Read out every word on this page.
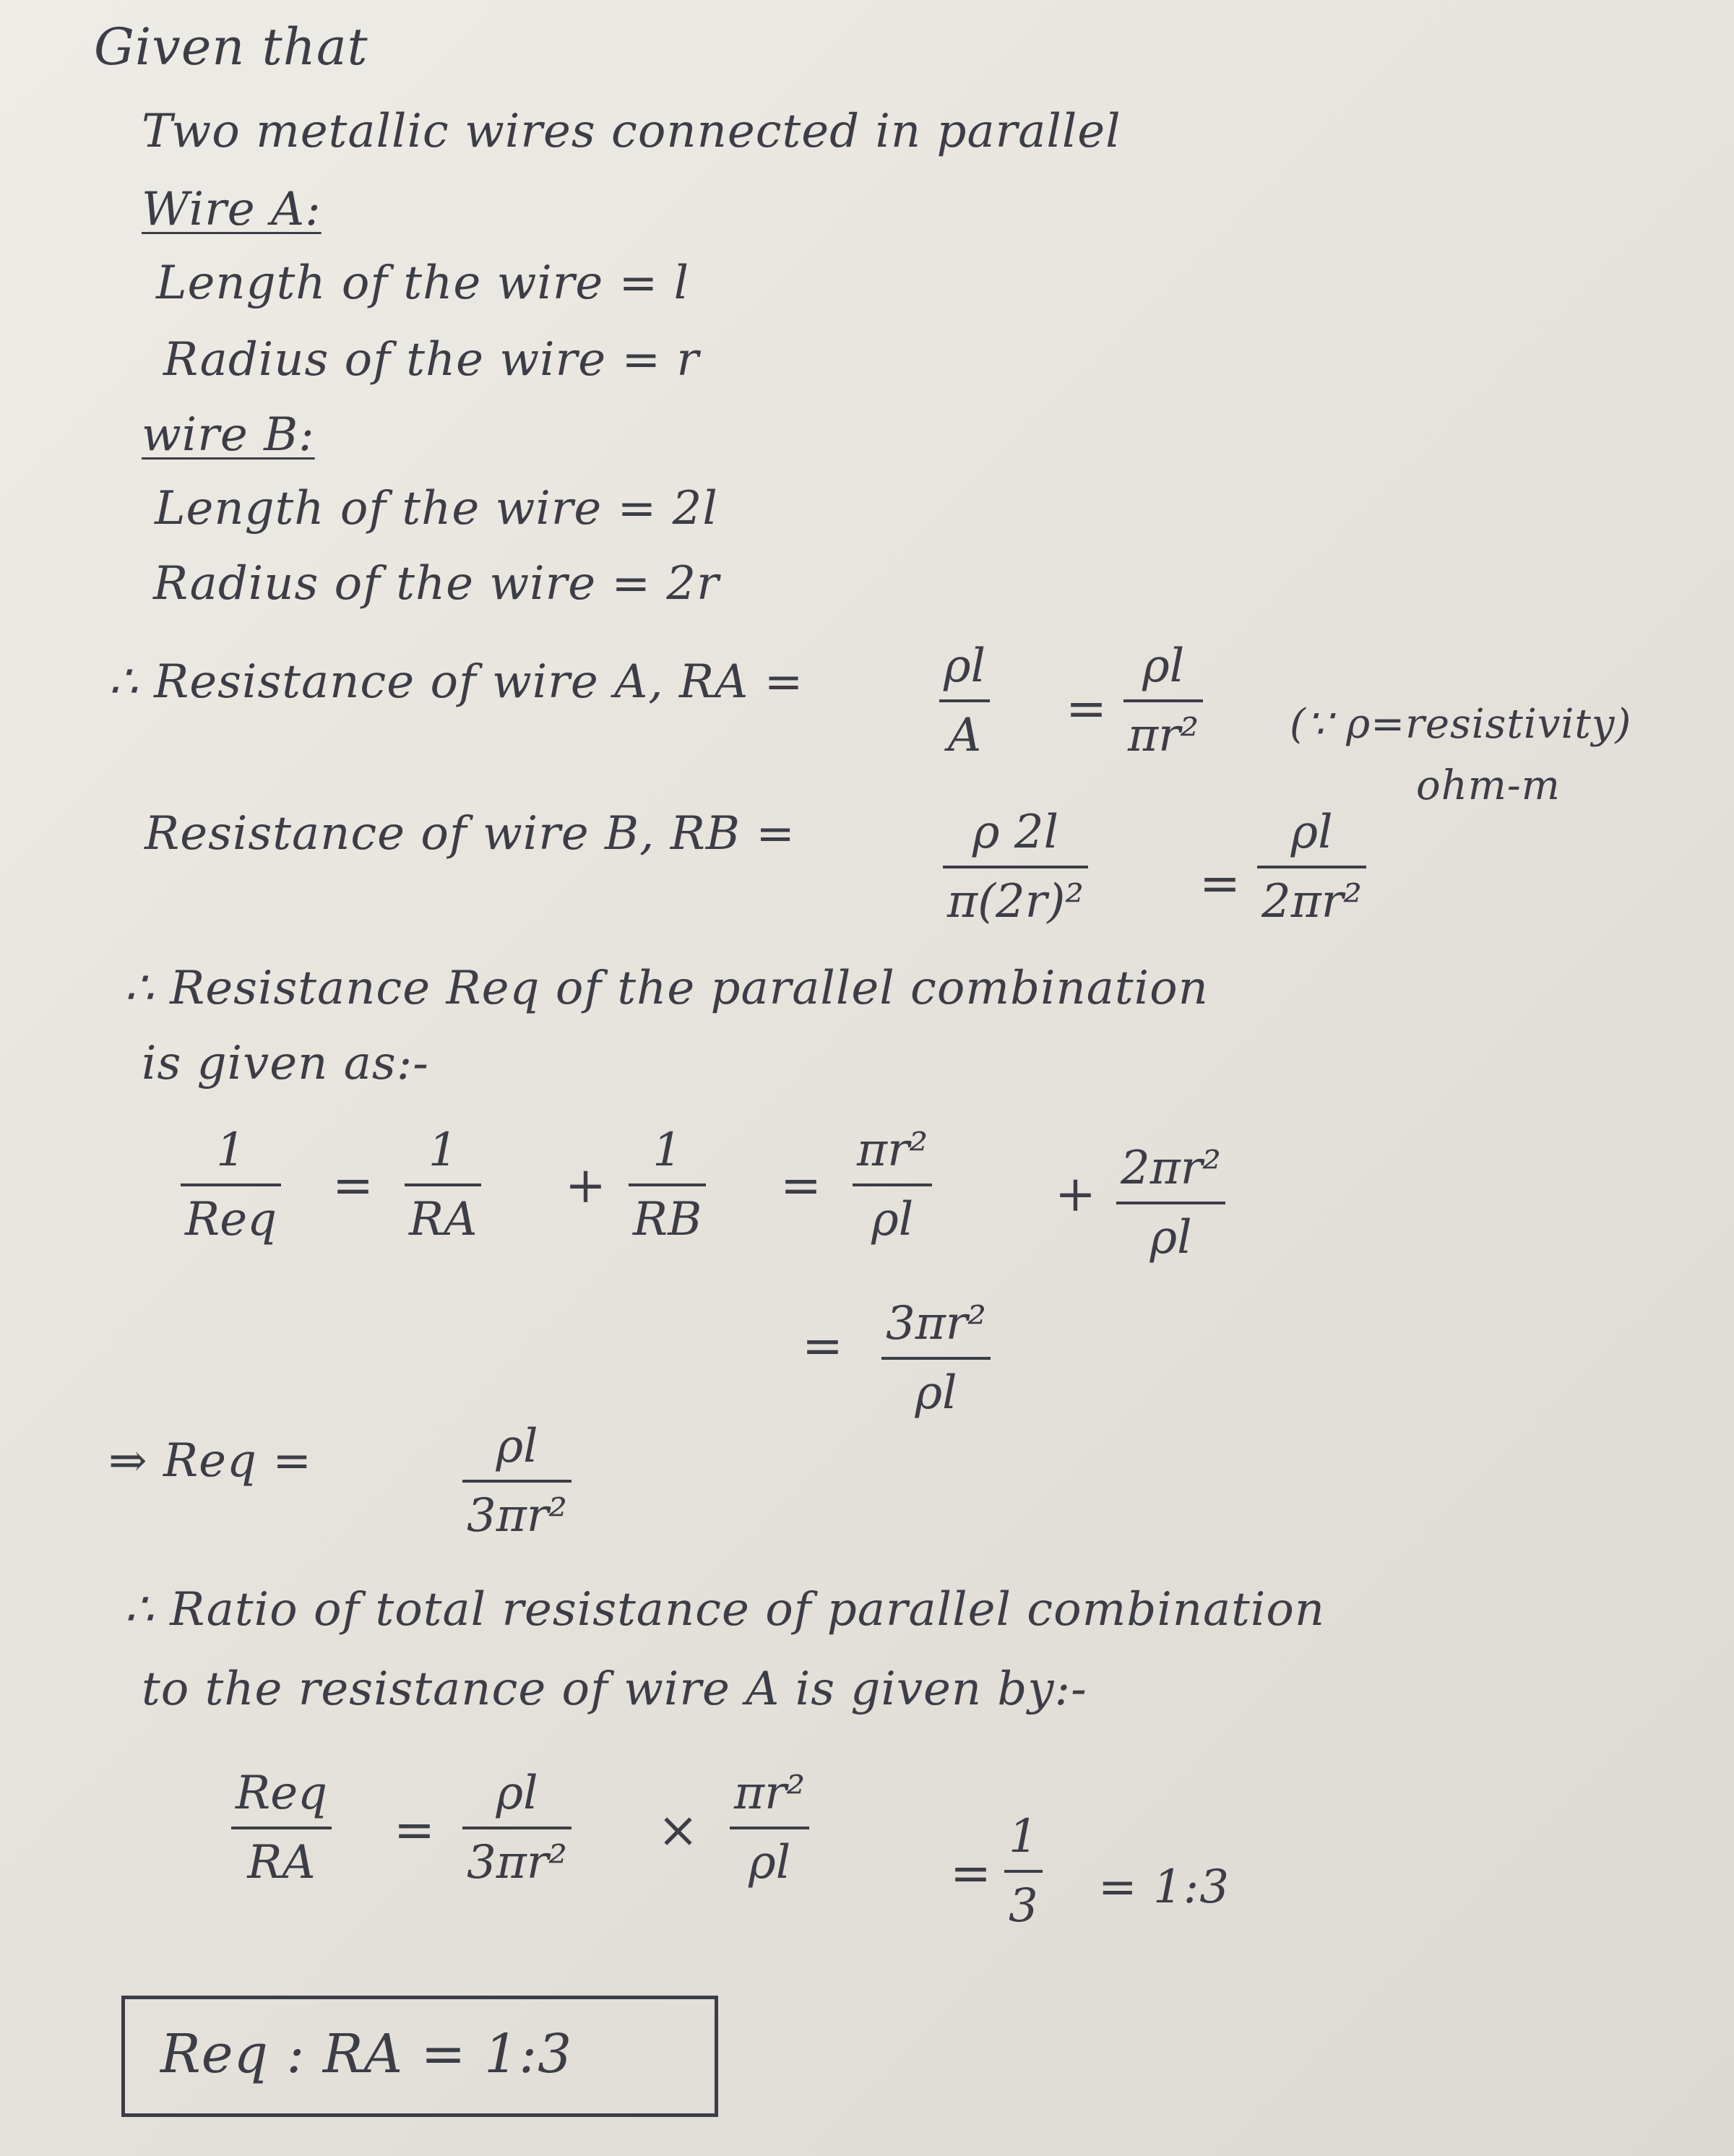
Given that
Two metallic wires connected in parallel
Wire A:
Length of the wire = l
Radius of the wire = r
wire B:
Length of the wire = 2l
Radius of the wire = 2r
∴ Resistance of wire A, RA =	ρl
A =
ρl
πr² (∵ ρ=resistivity)
ohm-m
Resistance of wire B, RB =	ρ 2l
π(2r)² =
ρl
2πr²
∴ Resistance Req of the parallel combination
is given as:-
1
Req
=
1
RA
+
1
RB
=
πr²
ρl	+ 2πr²
ρl
= 3πr²
ρl
⇒ Req =	ρl
3πr²
∴ Ratio of total resistance of parallel combination
to the resistance of wire A is given by:-
Req
RA
=
ρl
3πr²
×
πr²
ρl	=
1
3 = 1:3
Req : RA = 1:3
